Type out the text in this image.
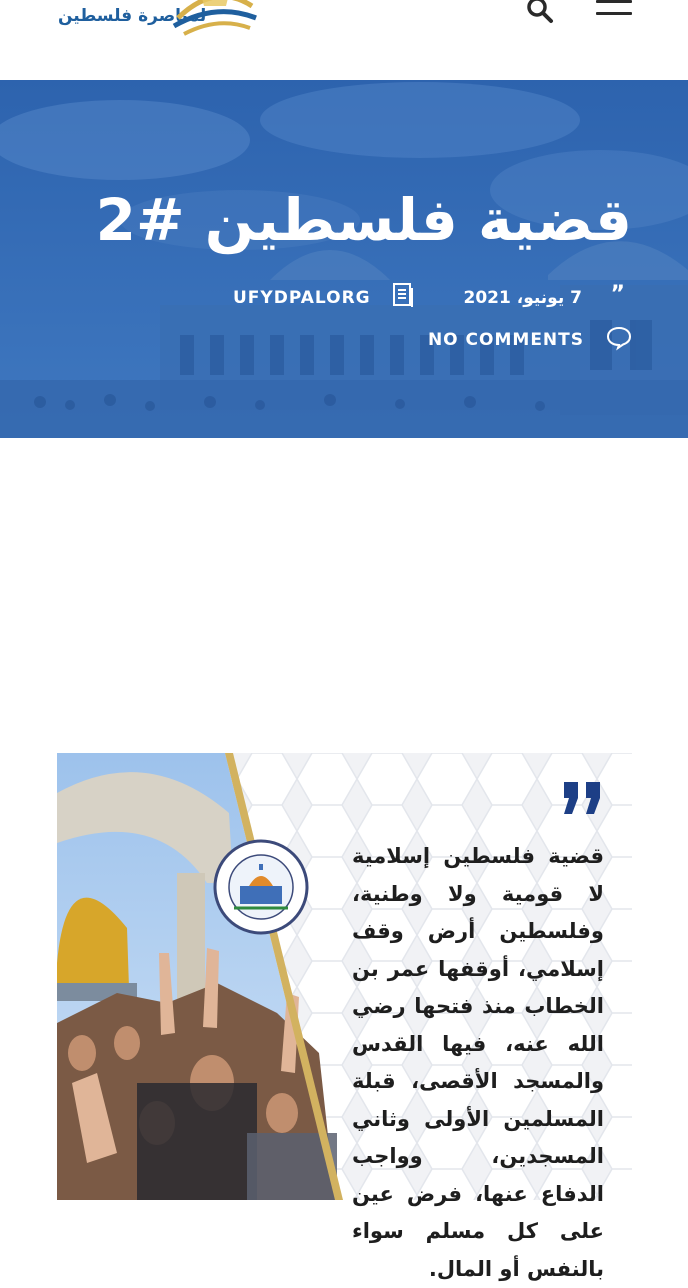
لمناصرة فلسطين
قضية فلسطين #2
”
7 يونيو، 2021
UFYDPALORG
NO COMMENTS
قضية فلسطين إسلامية لا قومية ولا وطنية، وفلسطين أرض وقف إسلامي، أوقفها عمر بن الخطاب منذ فتحها رضي الله عنه، فيها القدس والمسجد الأقصى، قبلة المسلمين الأولى وثاني المسجدين، وواجب الدفاع عنها، فرض عين على كل مسلم سواء بالنفس أو المال.
